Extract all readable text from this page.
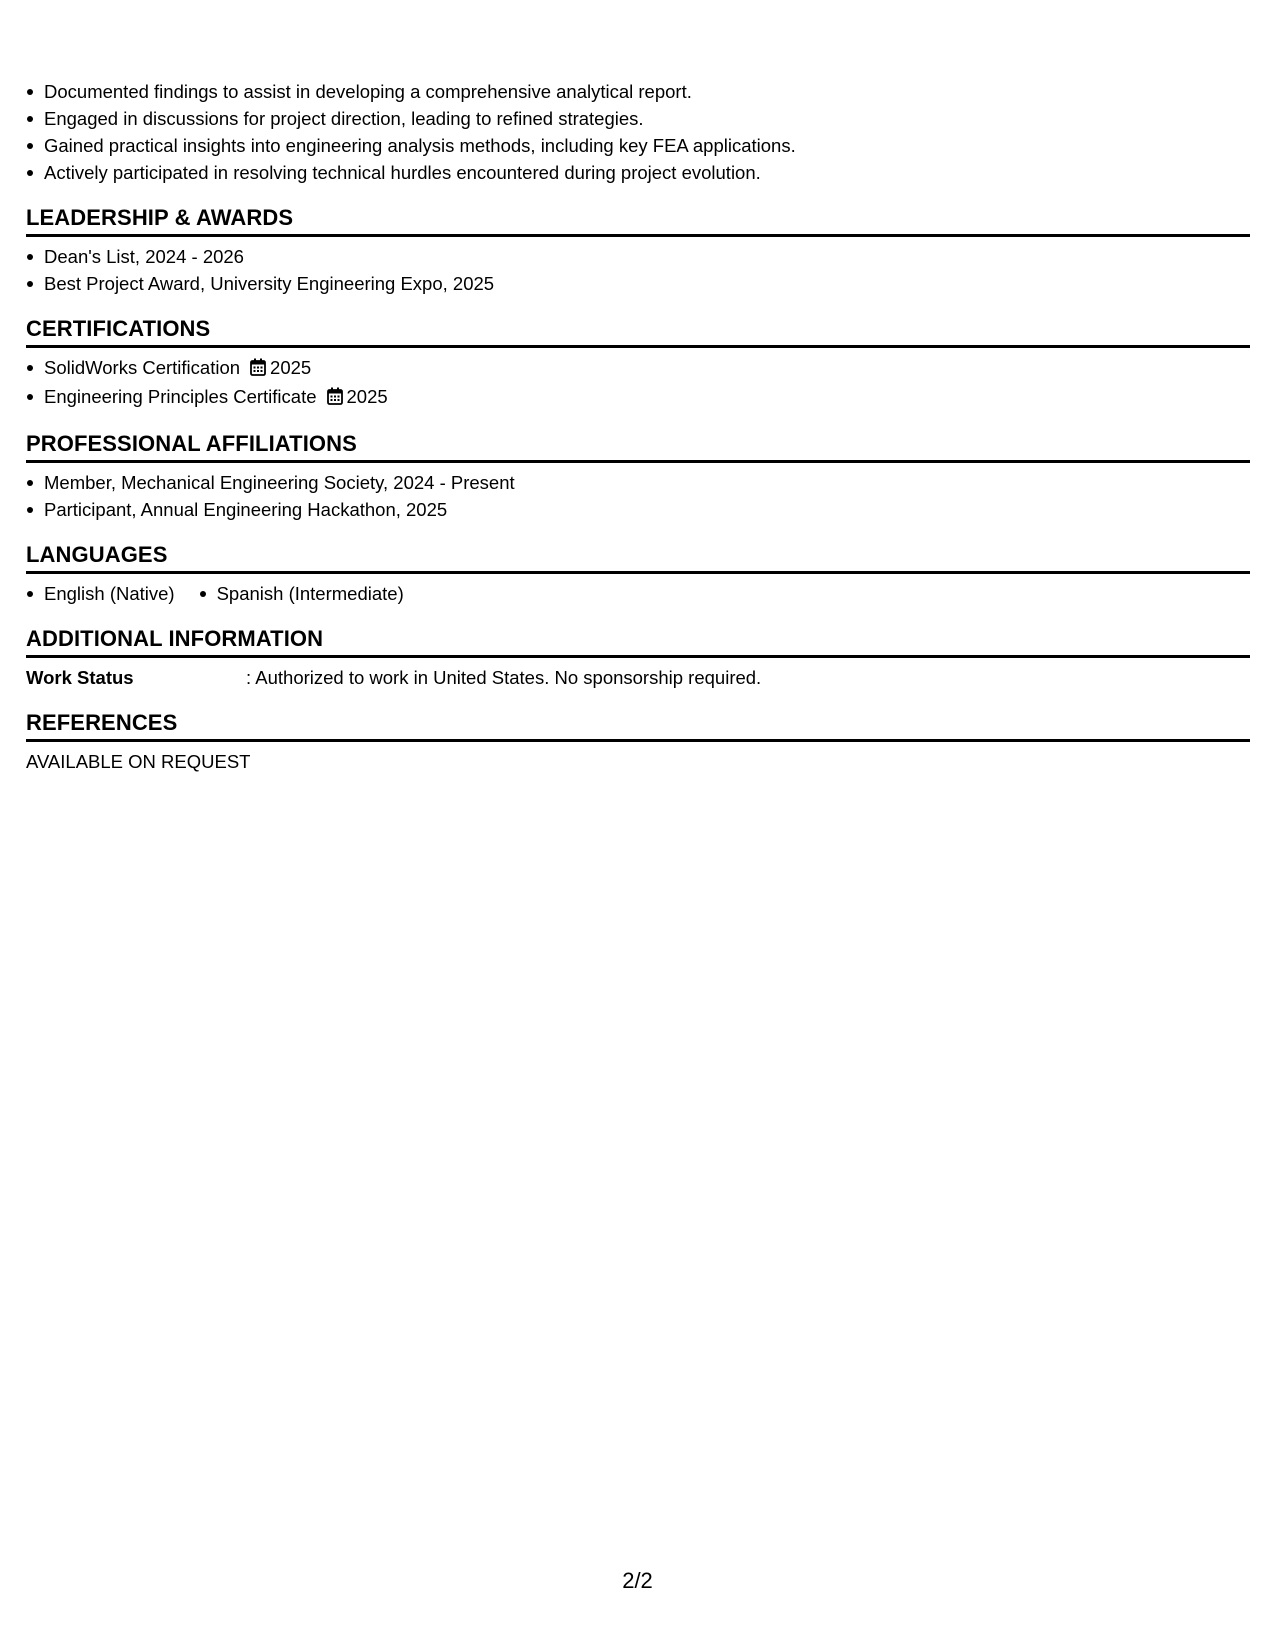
Documented findings to assist in developing a comprehensive analytical report.
Engaged in discussions for project direction, leading to refined strategies.
Gained practical insights into engineering analysis methods, including key FEA applications.
Actively participated in resolving technical hurdles encountered during project evolution.
LEADERSHIP & AWARDS
Dean's List, 2024 - 2026
Best Project Award, University Engineering Expo, 2025
CERTIFICATIONS
SolidWorks Certification 2025
Engineering Principles Certificate 2025
PROFESSIONAL AFFILIATIONS
Member, Mechanical Engineering Society, 2024 - Present
Participant, Annual Engineering Hackathon, 2025
LANGUAGES
English (Native) Spanish (Intermediate)
ADDITIONAL INFORMATION
Work Status	: Authorized to work in United States. No sponsorship required.
REFERENCES
AVAILABLE ON REQUEST
2/2
